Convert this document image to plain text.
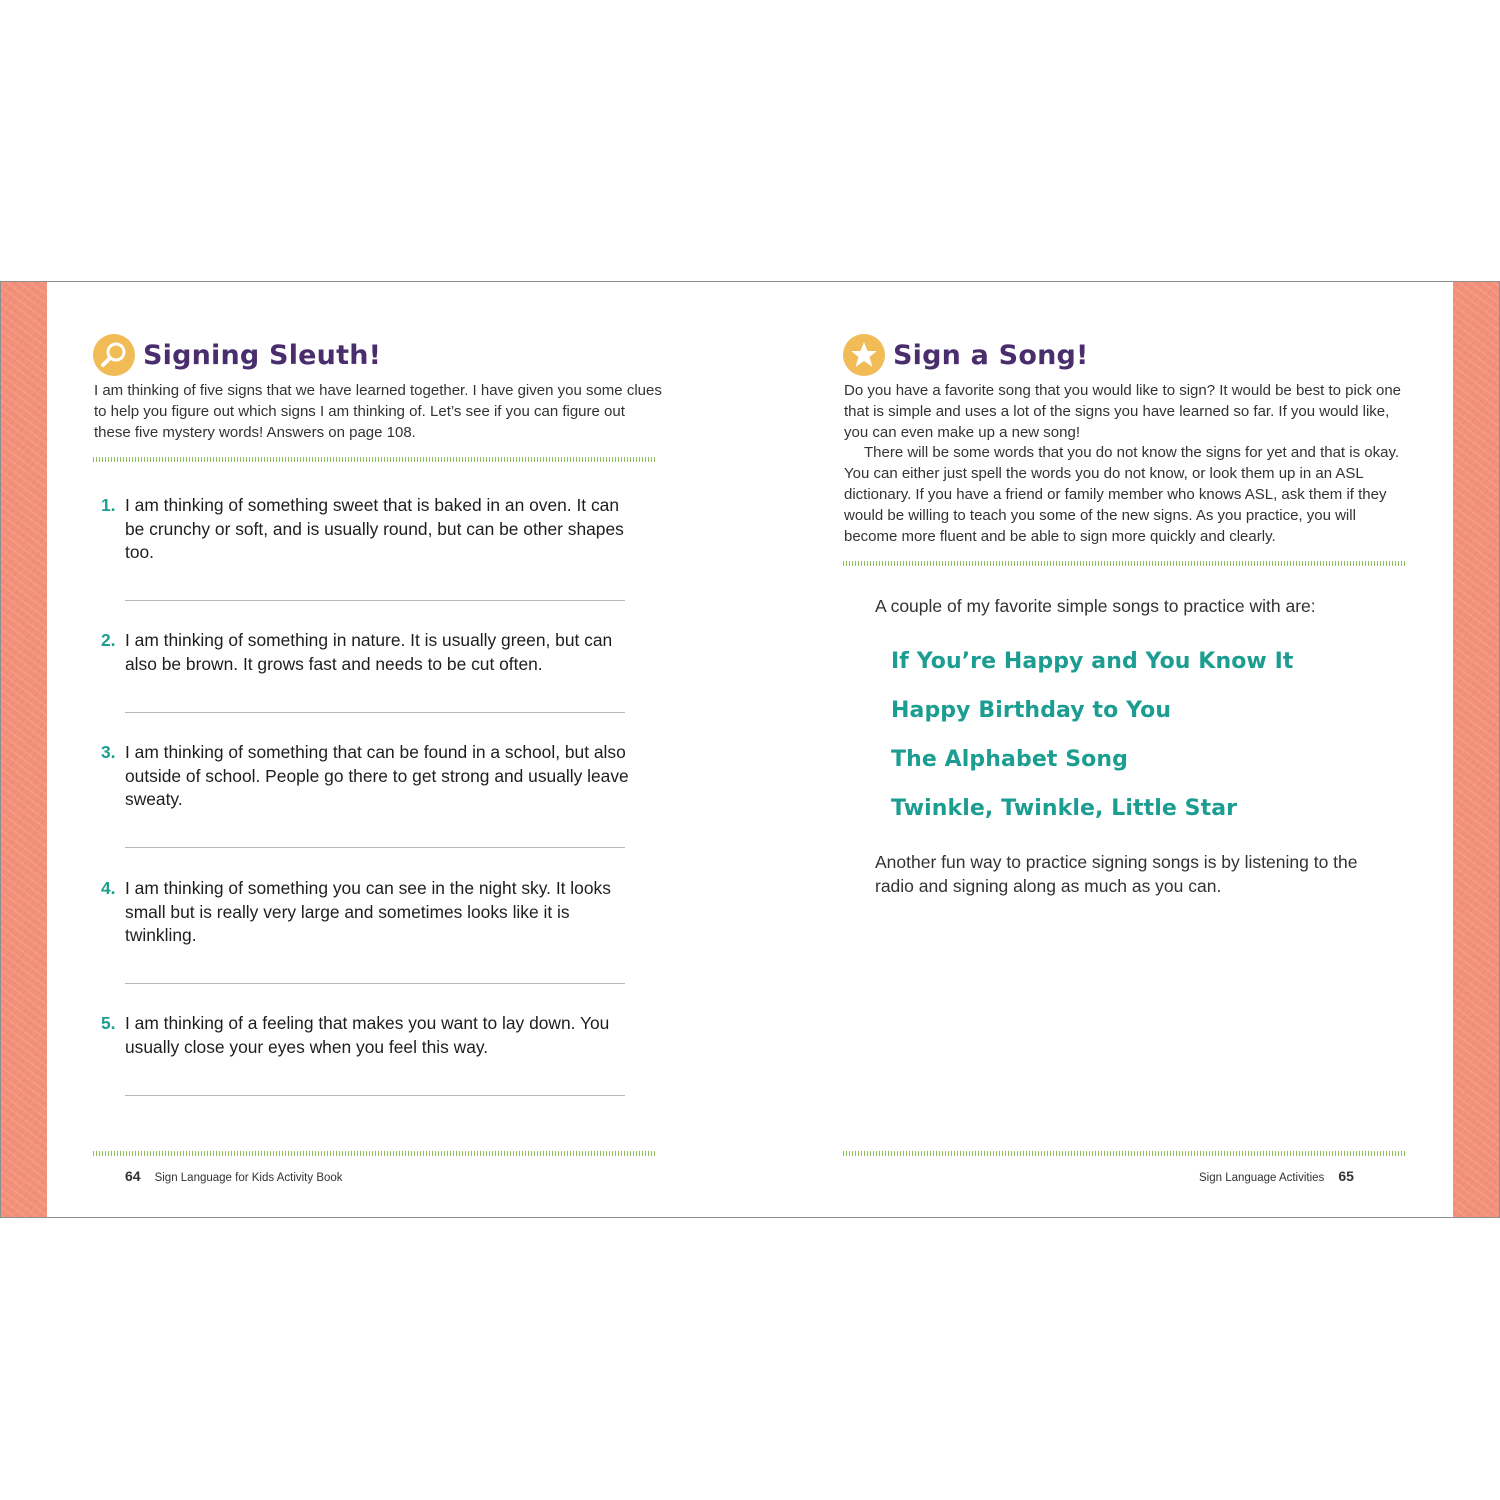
Signing Sleuth!

I am thinking of five signs that we have learned together. I have given you some clues to help you figure out which signs I am thinking of. Let’s see if you can figure out these five mystery words! Answers on page 108.

1. I am thinking of something sweet that is baked in an oven. It can be crunchy or soft, and is usually round, but can be other shapes too.
2. I am thinking of something in nature. It is usually green, but can also be brown. It grows fast and needs to be cut often.
3. I am thinking of something that can be found in a school, but also outside of school. People go there to get strong and usually leave sweaty.
4. I am thinking of something you can see in the night sky. It looks small but is really very large and sometimes looks like it is twinkling.
5. I am thinking of a feeling that makes you want to lay down. You usually close your eyes when you feel this way.
64 Sign Language for Kids Activity Book
Sign a Song!

Do you have a favorite song that you would like to sign? It would be best to pick one that is simple and uses a lot of the signs you have learned so far. If you would like, you can even make up a new song!

There will be some words that you do not know the signs for yet and that is okay. You can either just spell the words you do not know, or look them up in an ASL dictionary. If you have a friend or family member who knows ASL, ask them if they would be willing to teach you some of the new signs. As you practice, you will become more fluent and be able to sign more quickly and clearly.

A couple of my favorite simple songs to practice with are:
If You’re Happy and You Know It
Happy Birthday to You
The Alphabet Song
Twinkle, Twinkle, Little Star
Another fun way to practice signing songs is by listening to the radio and signing along as much as you can.
Sign Language Activities 65
